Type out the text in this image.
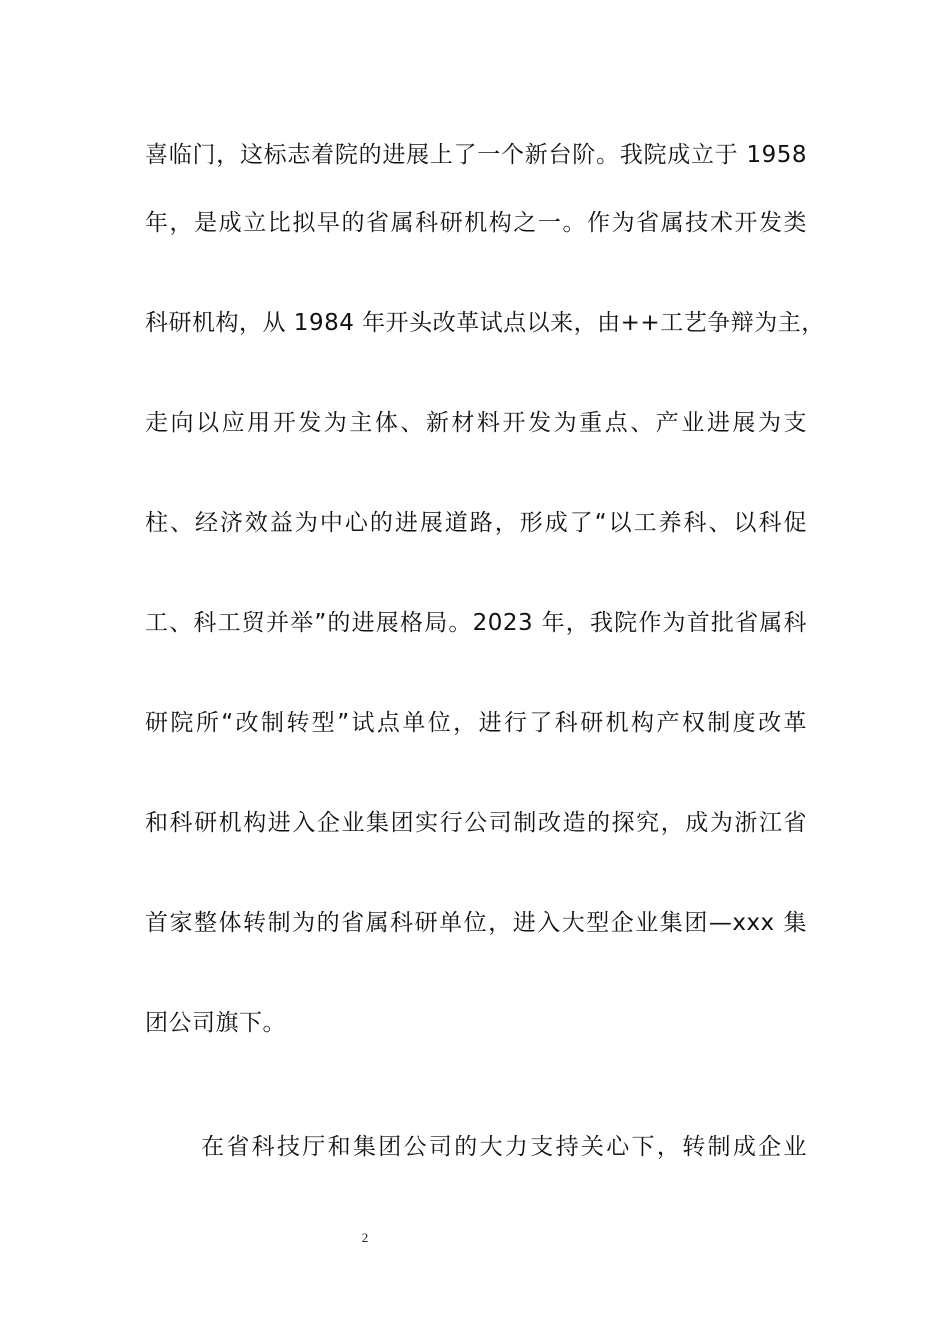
喜临门，这标志着院的进展上了一个新台阶。我院成立于 1958
年，是成立比拟早的省属科研机构之一。作为省属技术开发类
科研机构，从 1984 年开头改革试点以来，由++工艺争辩为主，
走向以应用开发为主体、新材料开发为重点、产业进展为支
柱、经济效益为中心的进展道路，形成了“以工养科、以科促
工、科工贸并举”的进展格局。2023 年，我院作为首批省属科
研院所“改制转型”试点单位，进行了科研机构产权制度改革
和科研机构进入企业集团实行公司制改造的探究，成为浙江省
首家整体转制为的省属科研单位，进入大型企业集团—xxx 集
团公司旗下。
在省科技厅和集团公司的大力支持关心下，转制成企业
2
